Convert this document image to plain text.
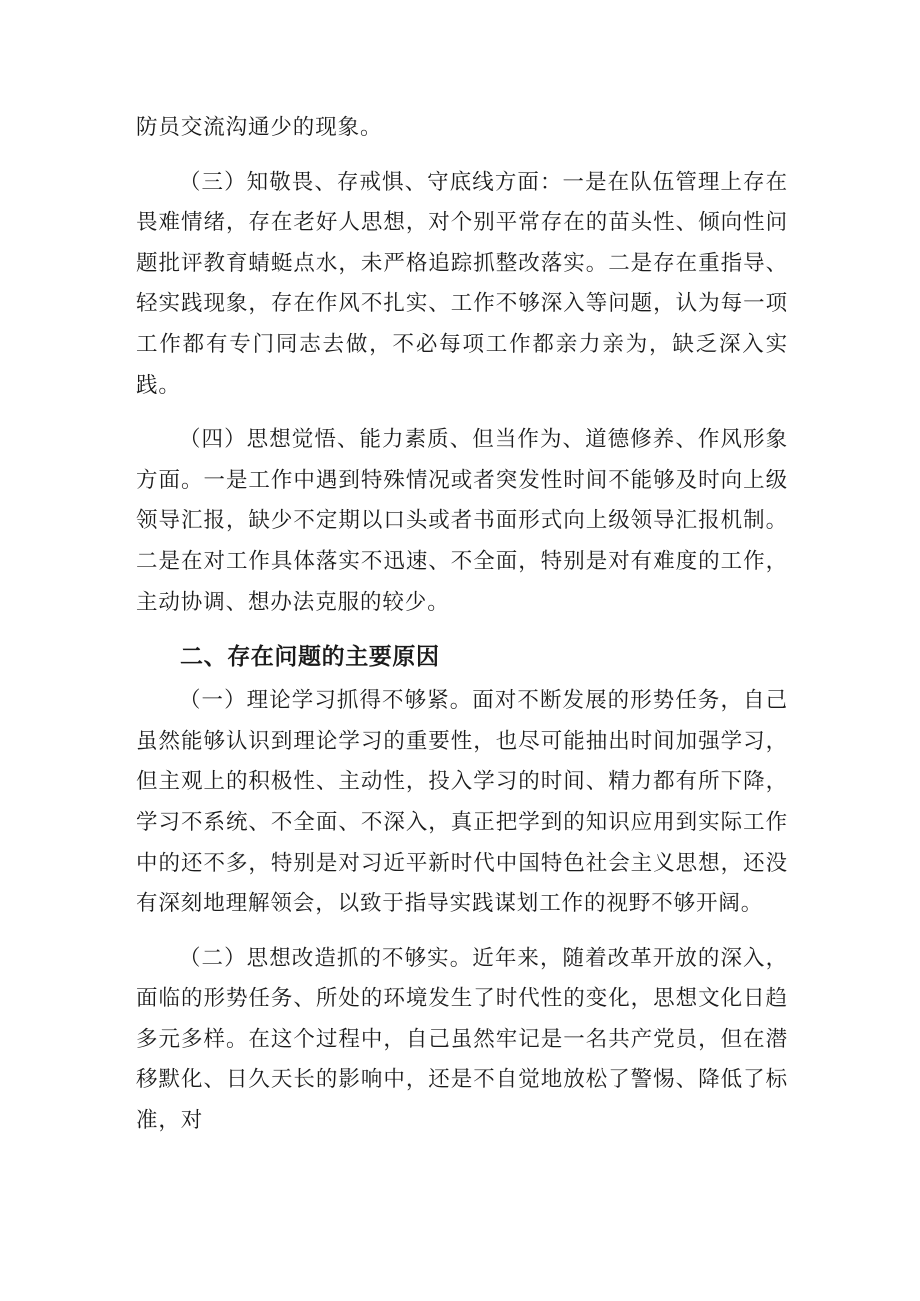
防员交流沟通少的现象。

（三）知敬畏、存戒惧、守底线方面：一是在队伍管理上存在畏难情绪，存在老好人思想，对个别平常存在的苗头性、倾向性问题批评教育蜻蜓点水，未严格追踪抓整改落实。二是存在重指导、轻实践现象，存在作风不扎实、工作不够深入等问题，认为每一项工作都有专门同志去做，不必每项工作都亲力亲为，缺乏深入实践。

（四）思想觉悟、能力素质、但当作为、道德修养、作风形象方面。一是工作中遇到特殊情况或者突发性时间不能够及时向上级领导汇报，缺少不定期以口头或者书面形式向上级领导汇报机制。二是在对工作具体落实不迅速、不全面，特别是对有难度的工作，主动协调、想办法克服的较少。

二、存在问题的主要原因

（一）理论学习抓得不够紧。面对不断发展的形势任务，自己虽然能够认识到理论学习的重要性，也尽可能抽出时间加强学习，但主观上的积极性、主动性，投入学习的时间、精力都有所下降，学习不系统、不全面、不深入，真正把学到的知识应用到实际工作中的还不多，特别是对习近平新时代中国特色社会主义思想，还没有深刻地理解领会，以致于指导实践谋划工作的视野不够开阔。

（二）思想改造抓的不够实。近年来，随着改革开放的深入，面临的形势任务、所处的环境发生了时代性的变化，思想文化日趋多元多样。在这个过程中，自己虽然牢记是一名共产党员，但在潜移默化、日久天长的影响中，还是不自觉地放松了警惕、降低了标准，对
